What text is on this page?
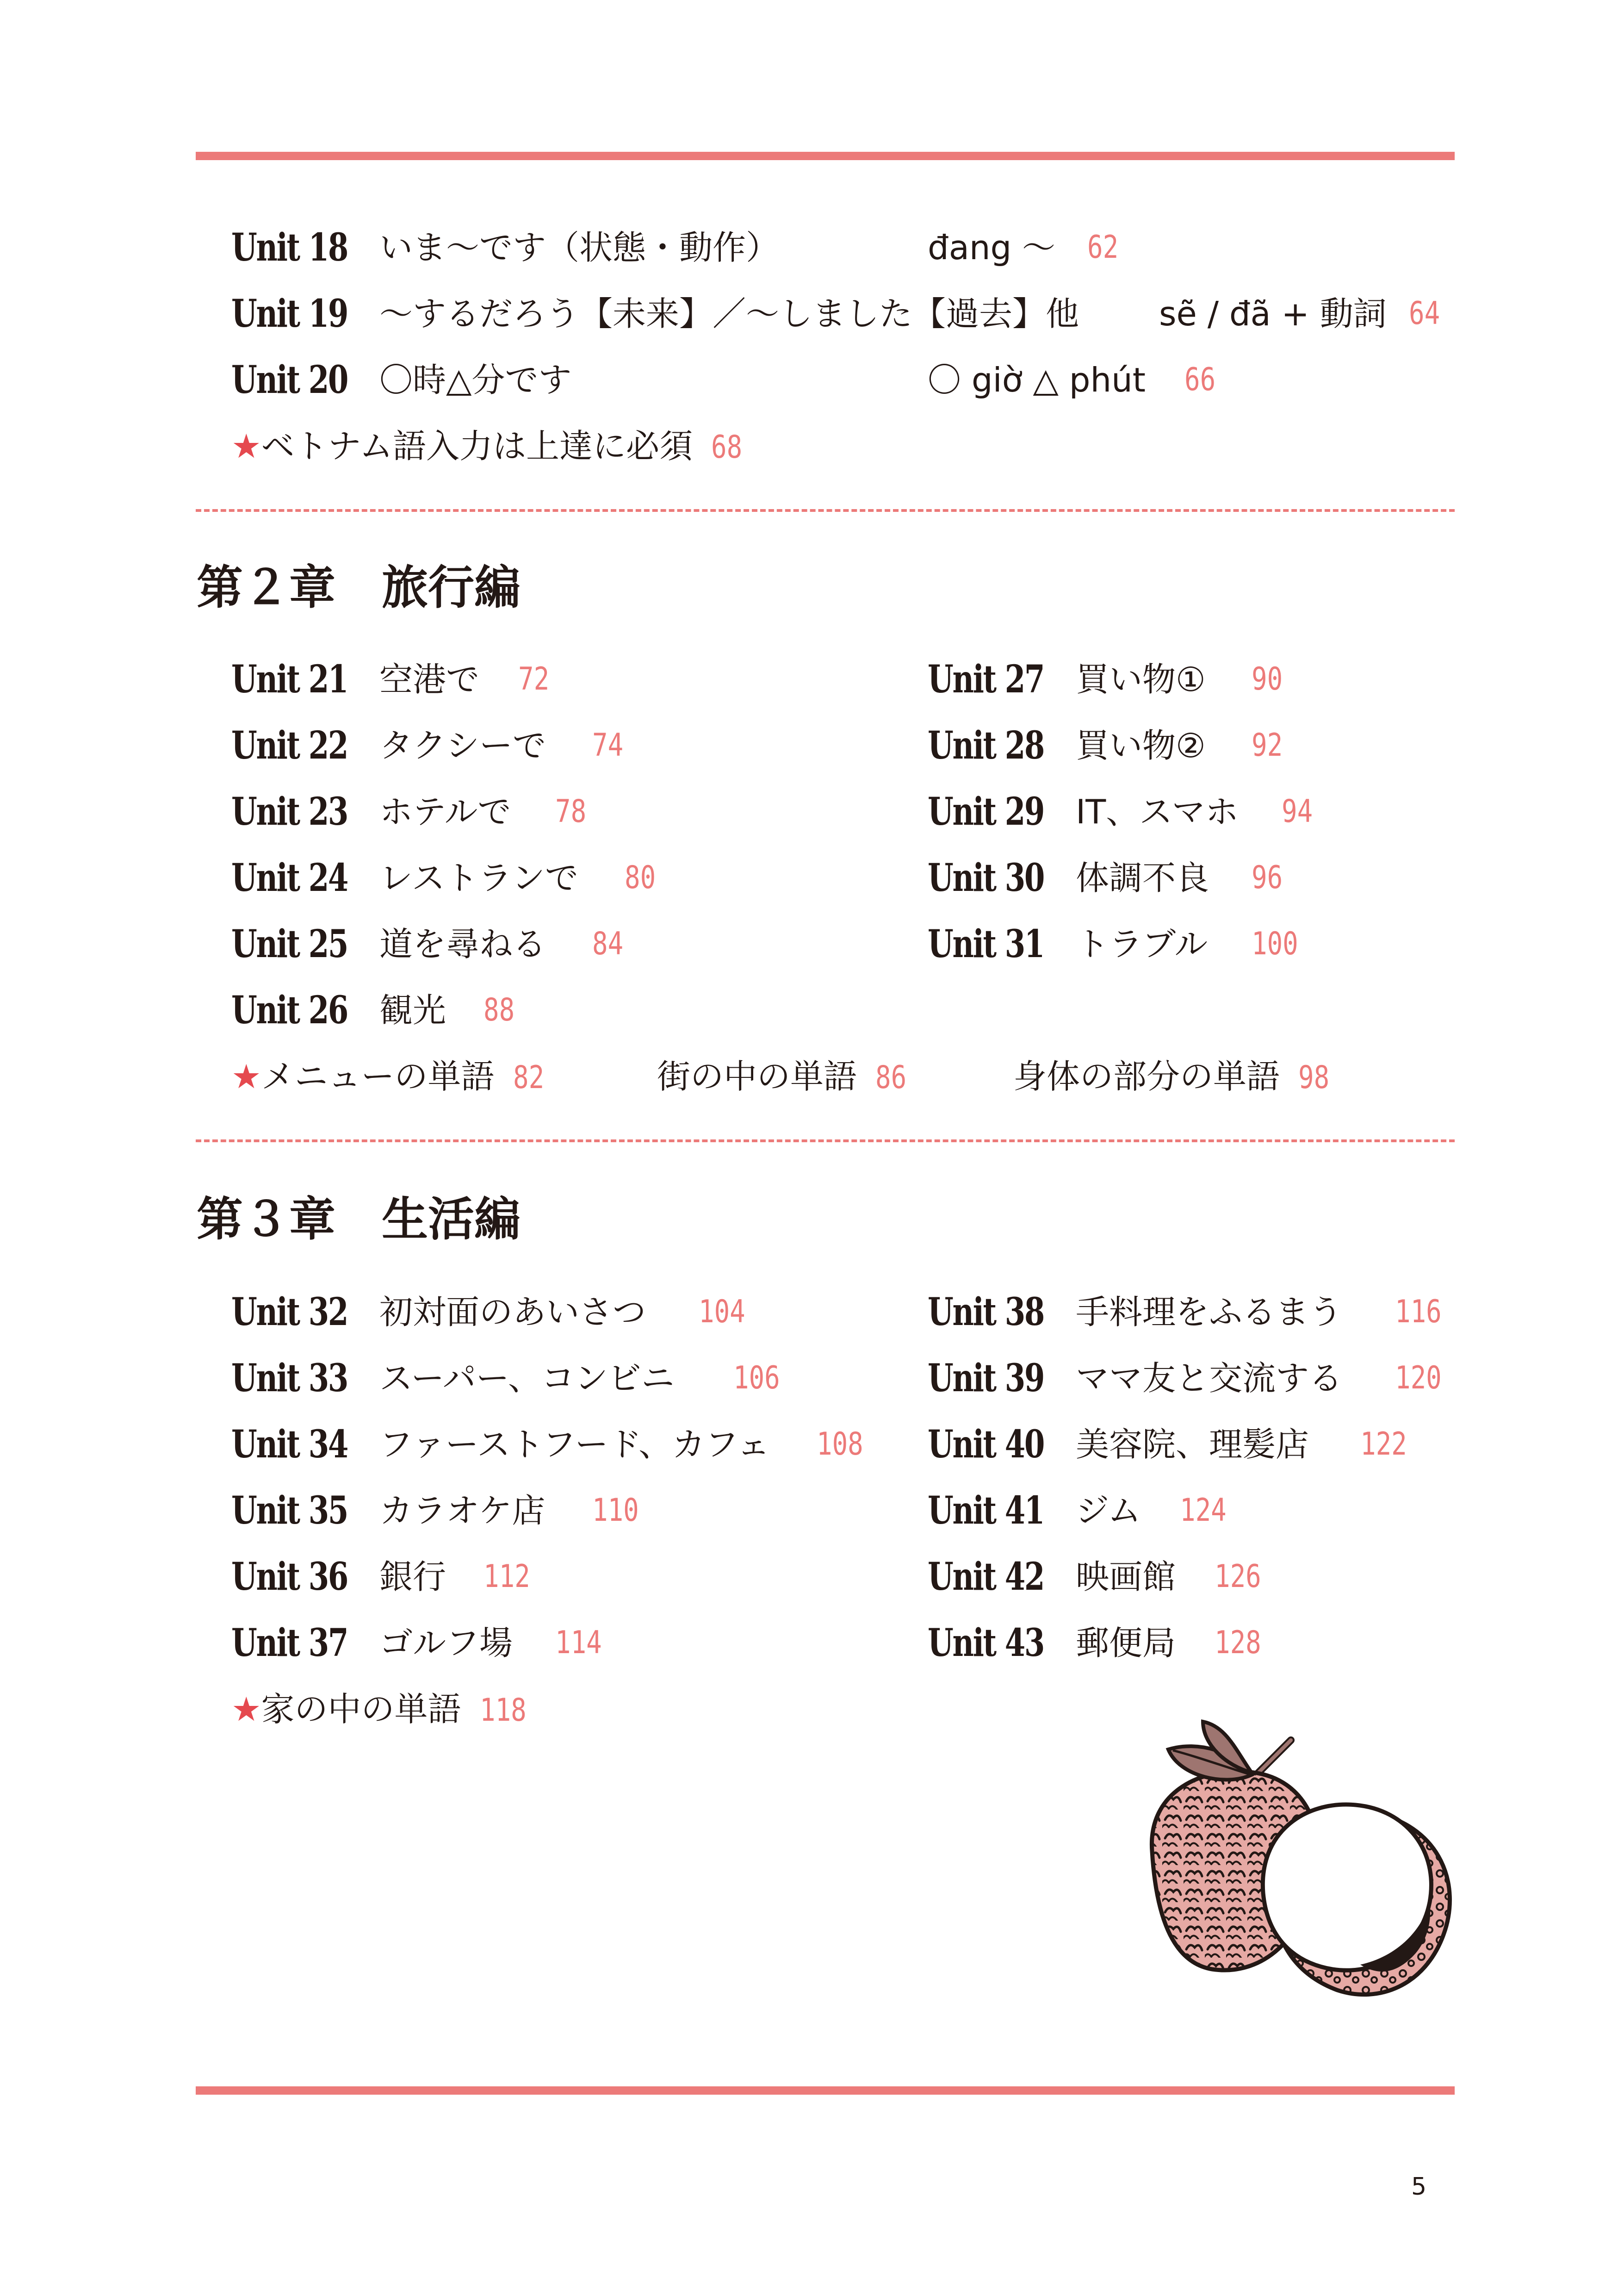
Unit 18 いま～です（状態・動作）	đang ～ 62
Unit 19 ～するだろう【未来】／～しました【過去】他 sẽ / đã + 動詞 64
Unit 20 〇時△分です	〇 giờ △ phút 66
★ベトナム語入力は上達に必須 68
第２章　旅行編
Unit 21 空港で 72
Unit 22 タクシーで 74
Unit 23 ホテルで 78
Unit 24 レストランで 80
Unit 25 道を尋ねる 84
Unit 26 観光 88
Unit 27 買い物① 90
Unit 28 買い物② 92
Unit 29 IT、スマホ 94
Unit 30 体調不良 96
Unit 31 トラブル 100
★メニューの単語 82	街の中の単語 86	身体の部分の単語 98
第３章　生活編
Unit 32 初対面のあいさつ 104
Unit 33 スーパー、コンビニ 106
Unit 34 ファーストフード、カフェ 108
Unit 35 カラオケ店 110
Unit 36 銀行 112
Unit 37 ゴルフ場 114
Unit 38 手料理をふるまう 116
Unit 39 ママ友と交流する 120
Unit 40 美容院、理髪店 122
Unit 41 ジム 124
Unit 42 映画館 126
Unit 43 郵便局 128
★家の中の単語 118
5
